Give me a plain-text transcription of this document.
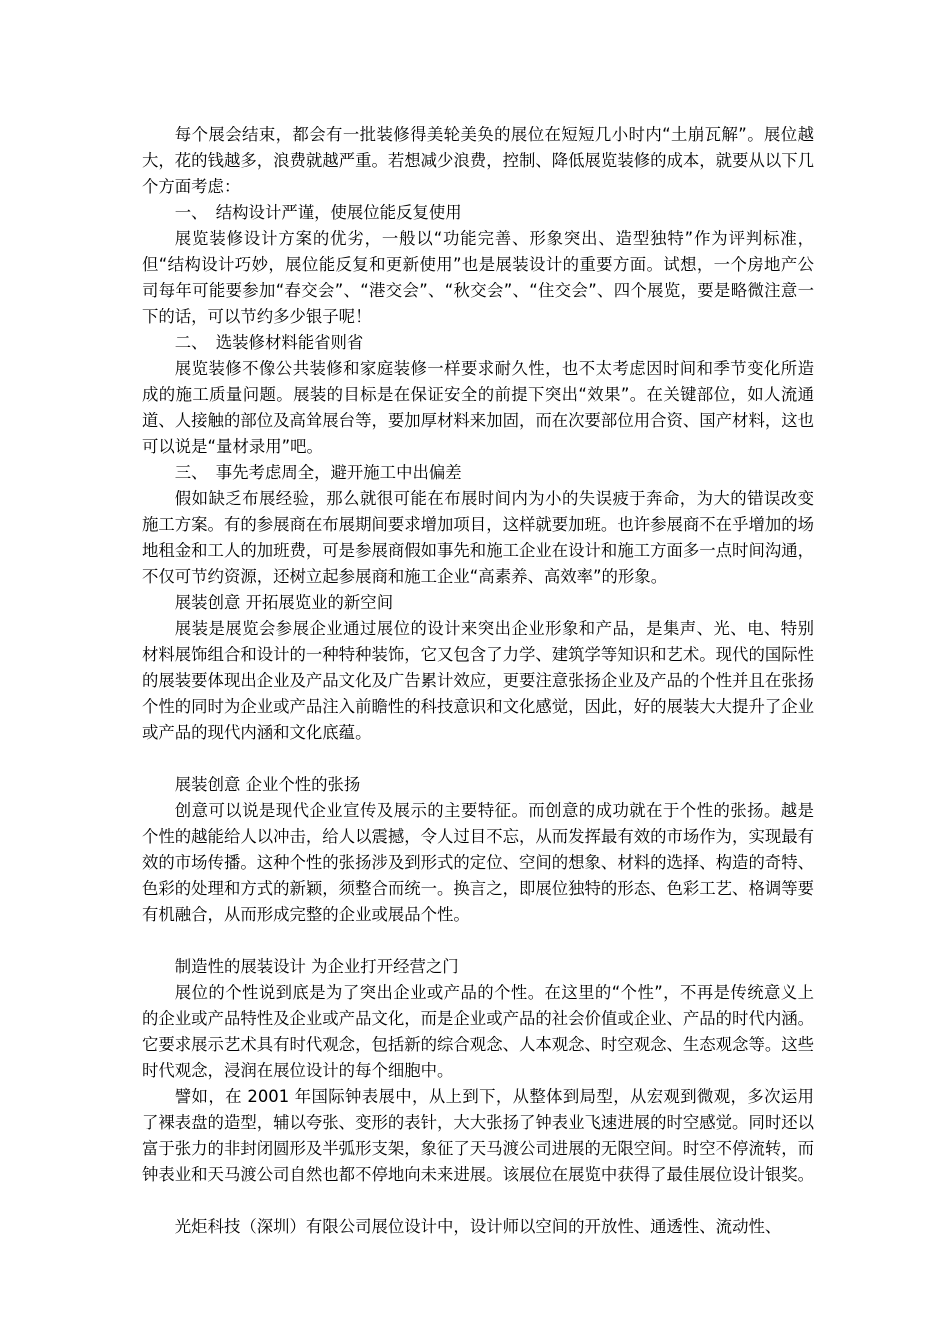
每个展会结束，都会有一批装修得美轮美奂的展位在短短几小时内“土崩瓦解”。展位越大，花的钱越多，浪费就越严重。若想减少浪费，控制、降低展览装修的成本，就要从以下几个方面考虑：

一、　结构设计严谨，使展位能反复使用

展览装修设计方案的优劣，一般以“功能完善、形象突出、造型独特”作为评判标准，但“结构设计巧妙，展位能反复和更新使用”也是展装设计的重要方面。试想，一个房地产公司每年可能要参加“春交会”、“港交会”、“秋交会”、“住交会”、四个展览，要是略微注意一下的话，可以节约多少银子呢！

二、　选装修材料能省则省

展览装修不像公共装修和家庭装修一样要求耐久性，也不太考虑因时间和季节变化所造成的施工质量问题。展装的目标是在保证安全的前提下突出“效果”。在关键部位，如人流通道、人接触的部位及高耸展台等，要加厚材料来加固，而在次要部位用合资、国产材料，这也可以说是“量材录用”吧。

三、　事先考虑周全，避开施工中出偏差

假如缺乏布展经验，那么就很可能在布展时间内为小的失误疲于奔命，为大的错误改变施工方案。有的参展商在布展期间要求增加项目，这样就要加班。也许参展商不在乎增加的场地租金和工人的加班费，可是参展商假如事先和施工企业在设计和施工方面多一点时间沟通，不仅可节约资源，还树立起参展商和施工企业“高素养、高效率”的形象。

展装创意 开拓展览业的新空间

展装是展览会参展企业通过展位的设计来突出企业形象和产品，是集声、光、电、特别材料展饰组合和设计的一种特种装饰，它又包含了力学、建筑学等知识和艺术。现代的国际性的展装要体现出企业及产品文化及广告累计效应，更要注意张扬企业及产品的个性并且在张扬个性的同时为企业或产品注入前瞻性的科技意识和文化感觉，因此，好的展装大大提升了企业或产品的现代内涵和文化底蕴。

展装创意 企业个性的张扬

创意可以说是现代企业宣传及展示的主要特征。而创意的成功就在于个性的张扬。越是个性的越能给人以冲击，给人以震撼，令人过目不忘，从而发挥最有效的市场作为，实现最有效的市场传播。这种个性的张扬涉及到形式的定位、空间的想象、材料的选择、构造的奇特、色彩的处理和方式的新颖，须整合而统一。换言之，即展位独特的形态、色彩工艺、格调等要有机融合，从而形成完整的企业或展品个性。

制造性的展装设计 为企业打开经营之门

展位的个性说到底是为了突出企业或产品的个性。在这里的“个性”，不再是传统意义上的企业或产品特性及企业或产品文化，而是企业或产品的社会价值或企业、产品的时代内涵。它要求展示艺术具有时代观念，包括新的综合观念、人本观念、时空观念、生态观念等。这些时代观念，浸润在展位设计的每个细胞中。

譬如，在 2001 年国际钟表展中，从上到下，从整体到局型，从宏观到微观，多次运用了裸表盘的造型，辅以夸张、变形的表针，大大张扬了钟表业飞速进展的时空感觉。同时还以富于张力的非封闭圆形及半弧形支架，象征了天马渡公司进展的无限空间。时空不停流转，而钟表业和天马渡公司自然也都不停地向未来进展。该展位在展览中获得了最佳展位设计银奖。

光炬科技（深圳）有限公司展位设计中，设计师以空间的开放性、通透性、流动性、
